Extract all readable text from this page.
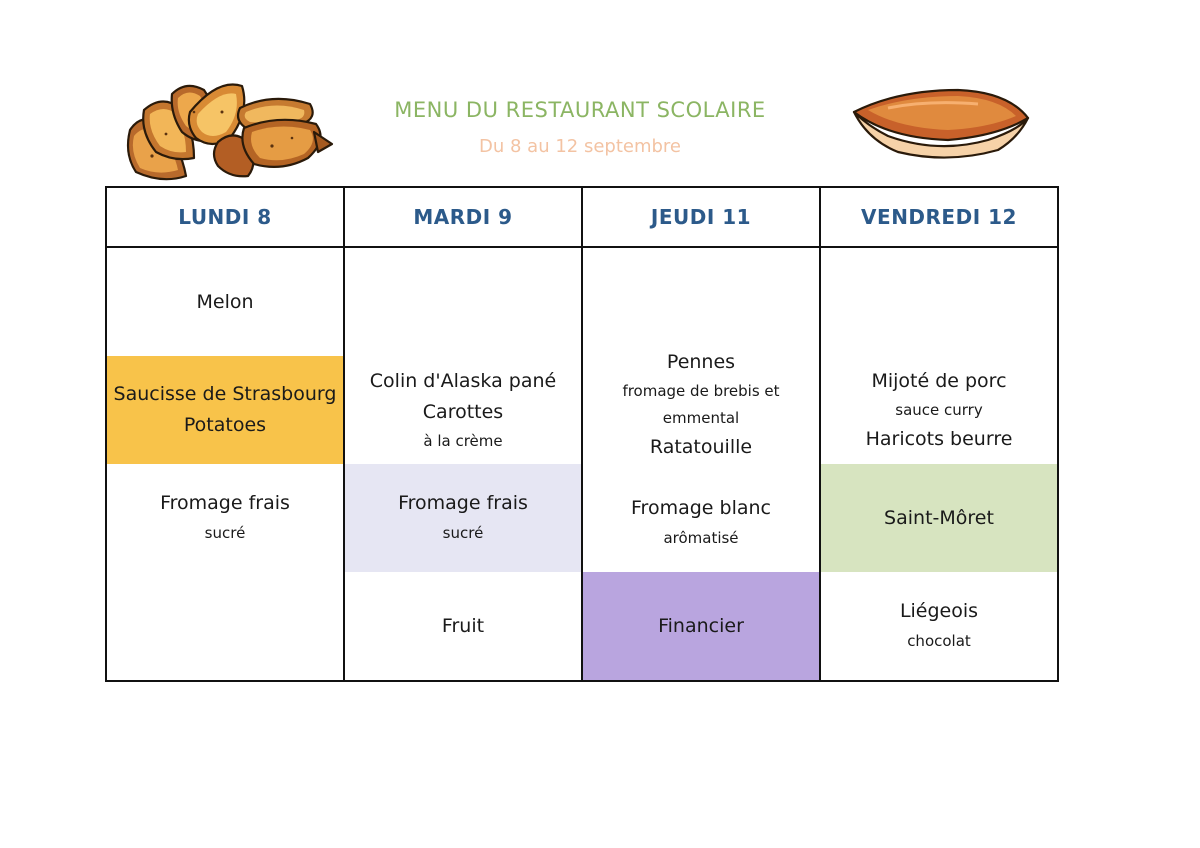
MENU DU RESTAURANT SCOLAIRE
Du 8 au 12 septembre
LUNDI 8
Melon
Saucisse de Strasbourg
Potatoes
Fromage frais
sucré
MARDI 9
Colin d'Alaska pané
Carottes
à la crème
Fromage frais
sucré
Fruit
JEUDI 11
Pennes
fromage de brebis et
emmental
Ratatouille
Fromage blanc
arômatisé
Financier
VENDREDI 12
Mijoté de porc
sauce curry
Haricots beurre
Saint-Môret
Liégeois
chocolat
